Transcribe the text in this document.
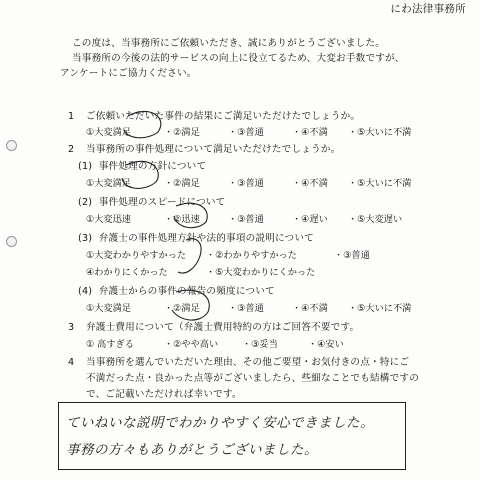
にわ法律事務所
この度は、当事務所にご依頼いただき、誠にありがとうございました。
当事務所の今後の法的サービスの向上に役立てるため、大変お手数ですが、
アンケートにご協力ください。
1 ご依頼いただいた事件の結果にご満足いただけたでしょうか。
①大変満足	・②満足	・③普通	・④不満 ・⑤大いに不満
2 当事務所の事件処理について満足いただけたでしょうか。
(1) 事件処理の方針について
①大変満足	・②満足	・③普通	・④不満 ・⑤大いに不満
(2) 事件処理のスピードについて
①大変迅速	・②迅速	・③普通	・④遅い ・⑤大変遅い
(3) 弁護士の事件処理方針や法的事項の説明について
①大変わかりやすかった ・②わかりやすかった	・③普通
④わかりにくかった	・⑤大変わかりにくかった
(4) 弁護士からの事件の報告の頻度について
①大変満足	・②満足	・③普通	・④不満 ・⑤大いに不満
3 弁護士費用について（弁護士費用特約の方はご回答不要です。
① 高すぎる	・②やや高い	・③妥当	・④安い
4 当事務所を選んでいただいた理由、その他ご要望・お気付きの点・特にご
不満だった点・良かった点等がございましたら、些細なことでも結構ですの
で、ご記載いただければ幸いです。
ていねいな説明でわかりやすく安心できました。
事務の方々もありがとうございました。
